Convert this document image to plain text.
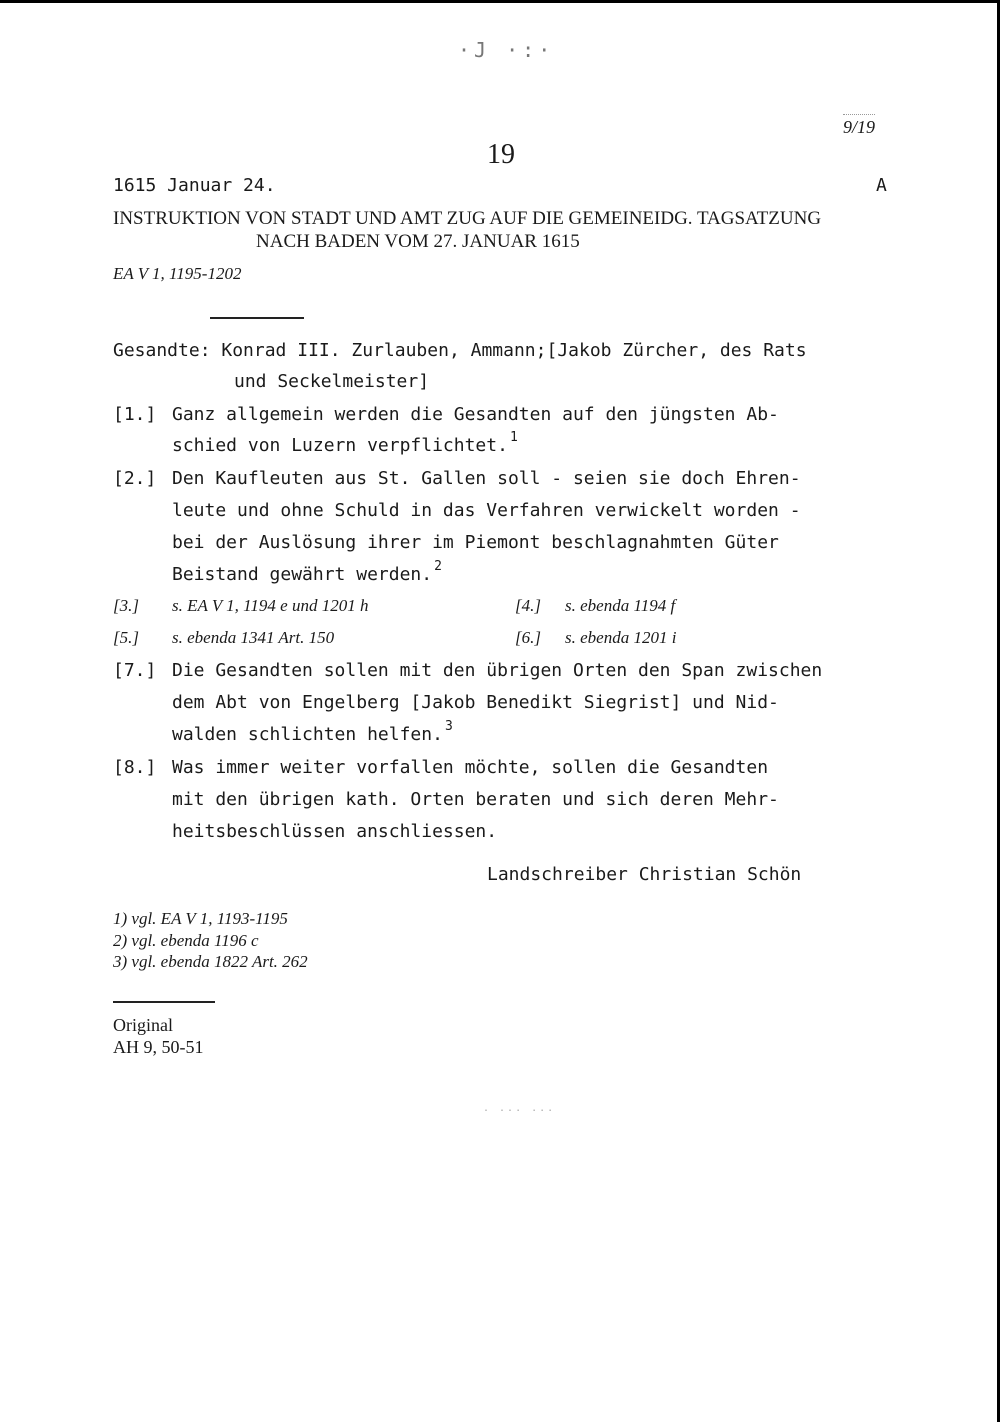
·J ·:·
9/19
19
1615 Januar 24.	A
INSTRUKTION VON STADT UND AMT ZUG AUF DIE GEMEINEIDG. TAGSATZUNG
NACH BADEN VOM 27. JANUAR 1615
EA V 1, 1195-1202
Gesandte: Konrad III. Zurlauben, Ammann;[Jakob Zürcher, des Rats
und Seckelmeister]
[1.] Ganz allgemein werden die Gesandten auf den jüngsten Ab-
schied von Luzern verpflichtet. $^1$
[2.] Den Kaufleuten aus St. Gallen soll - seien sie doch Ehren-
leute und ohne Schuld in das Verfahren verwickelt worden -
bei der Auslösung ihrer im Piemont beschlagnahmten Güter
Beistand gewährt werden. $^2$
[3.] s. EA V 1, 1194 e und 1201 h	[4.] s. ebenda 1194 f
[5.] s. ebenda 1341 Art. 150	[6.] s. ebenda 1201 i
[7.] Die Gesandten sollen mit den übrigen Orten den Span zwischen
dem Abt von Engelberg [Jakob Benedikt Siegrist] und Nid-
walden schlichten helfen. $^3$
[8.] Was immer weiter vorfallen möchte, sollen die Gesandten
mit den übrigen kath. Orten beraten und sich deren Mehr-
heitsbeschlüssen anschliessen.
Landschreiber Christian Schön
1) vgl. EA V 1, 1193-1195
2) vgl. ebenda 1196 c
3) vgl. ebenda 1822 Art. 262
Original
AH 9, 50-51
. ... ...
